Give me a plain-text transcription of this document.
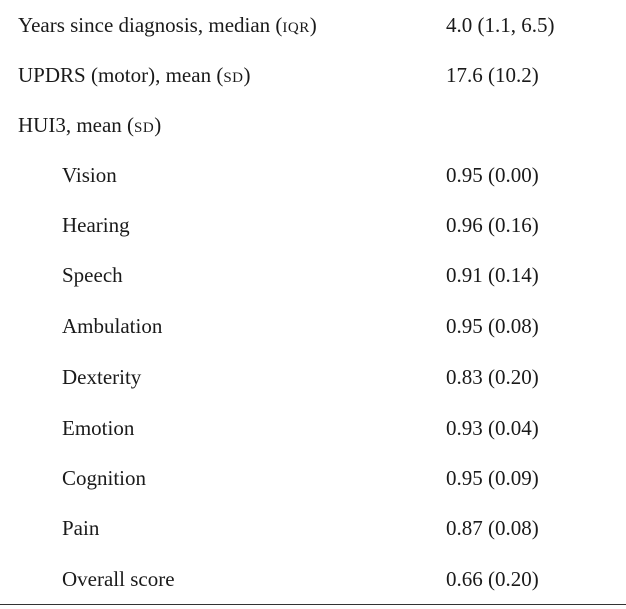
Years since diagnosis, median (IQR)	4.0 (1.1, 6.5)
UPDRS (motor), mean (SD)	17.6 (10.2)
HUI3, mean (SD)
Vision	0.95 (0.00)
Hearing	0.96 (0.16)
Speech	0.91 (0.14)
Ambulation	0.95 (0.08)
Dexterity	0.83 (0.20)
Emotion	0.93 (0.04)
Cognition	0.95 (0.09)
Pain	0.87 (0.08)
Overall score	0.66 (0.20)
